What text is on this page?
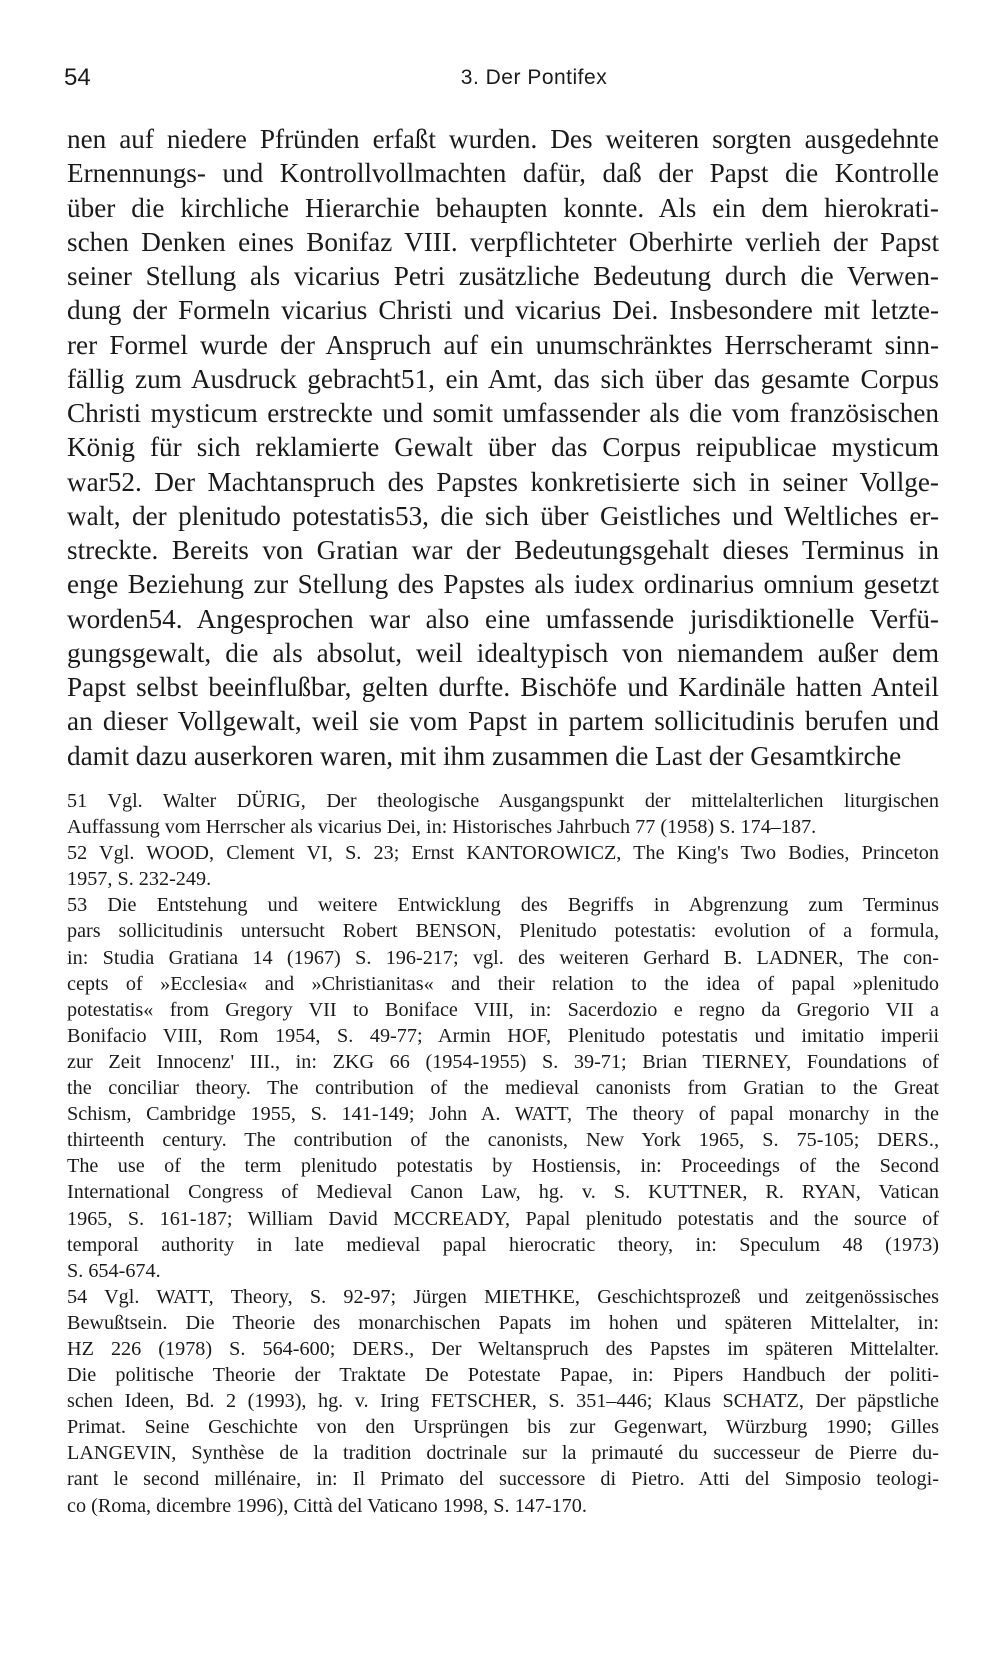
54	3. Der Pontifex
nen auf niedere Pfründen erfaßt wurden. Des weiteren sorgten ausgedehnte
Ernennungs- und Kontrollvollmachten dafür, daß der Papst die Kontrolle
über die kirchliche Hierarchie behaupten konnte. Als ein dem hierokrati-
schen Denken eines Bonifaz VIII. verpflichteter Oberhirte verlieh der Papst
seiner Stellung als vicarius Petri zusätzliche Bedeutung durch die Verwen-
dung der Formeln vicarius Christi und vicarius Dei. Insbesondere mit letzte-
rer Formel wurde der Anspruch auf ein unumschränktes Herrscheramt sinn-
fällig zum Ausdruck gebracht51, ein Amt, das sich über das gesamte Corpus
Christi mysticum erstreckte und somit umfassender als die vom französischen
König für sich reklamierte Gewalt über das Corpus reipublicae mysticum
war52. Der Machtanspruch des Papstes konkretisierte sich in seiner Vollge-
walt, der plenitudo potestatis53, die sich über Geistliches und Weltliches er-
streckte. Bereits von Gratian war der Bedeutungsgehalt dieses Terminus in
enge Beziehung zur Stellung des Papstes als iudex ordinarius omnium gesetzt
worden54. Angesprochen war also eine umfassende jurisdiktionelle Verfü-
gungsgewalt, die als absolut, weil idealtypisch von niemandem außer dem
Papst selbst beeinflußbar, gelten durfte. Bischöfe und Kardinäle hatten Anteil
an dieser Vollgewalt, weil sie vom Papst in partem sollicitudinis berufen und
damit dazu auserkoren waren, mit ihm zusammen die Last der Gesamtkirche
51 Vgl. Walter DÜRIG, Der theologische Ausgangspunkt der mittelalterlichen liturgischen
Auffassung vom Herrscher als vicarius Dei, in: Historisches Jahrbuch 77 (1958) S. 174–187.
52 Vgl. WOOD, Clement VI, S. 23; Ernst KANTOROWICZ, The King's Two Bodies, Princeton
1957, S. 232-249.
53 Die Entstehung und weitere Entwicklung des Begriffs in Abgrenzung zum Terminus
pars sollicitudinis untersucht Robert BENSON, Plenitudo potestatis: evolution of a formula,
in: Studia Gratiana 14 (1967) S. 196-217; vgl. des weiteren Gerhard B. LADNER, The con-
cepts of »Ecclesia« and »Christianitas« and their relation to the idea of papal »plenitudo
potestatis« from Gregory VII to Boniface VIII, in: Sacerdozio e regno da Gregorio VII a
Bonifacio VIII, Rom 1954, S. 49-77; Armin HOF, Plenitudo potestatis und imitatio imperii
zur Zeit Innocenz' III., in: ZKG 66 (1954-1955) S. 39-71; Brian TIERNEY, Foundations of
the conciliar theory. The contribution of the medieval canonists from Gratian to the Great
Schism, Cambridge 1955, S. 141-149; John A. WATT, The theory of papal monarchy in the
thirteenth century. The contribution of the canonists, New York 1965, S. 75-105; DERS.,
The use of the term plenitudo potestatis by Hostiensis, in: Proceedings of the Second
International Congress of Medieval Canon Law, hg. v. S. KUTTNER, R. RYAN, Vatican
1965, S. 161-187; William David MCCREADY, Papal plenitudo potestatis and the source of
temporal authority in late medieval papal hierocratic theory, in: Speculum 48 (1973)
S. 654-674.
54 Vgl. WATT, Theory, S. 92-97; Jürgen MIETHKE, Geschichtsprozeß und zeitgenössisches
Bewußtsein. Die Theorie des monarchischen Papats im hohen und späteren Mittelalter, in:
HZ 226 (1978) S. 564-600; DERS., Der Weltanspruch des Papstes im späteren Mittelalter.
Die politische Theorie der Traktate De Potestate Papae, in: Pipers Handbuch der politi-
schen Ideen, Bd. 2 (1993), hg. v. Iring FETSCHER, S. 351–446; Klaus SCHATZ, Der päpstliche
Primat. Seine Geschichte von den Ursprüngen bis zur Gegenwart, Würzburg 1990; Gilles
LANGEVIN, Synthèse de la tradition doctrinale sur la primauté du successeur de Pierre du-
rant le second millénaire, in: Il Primato del successore di Pietro. Atti del Simposio teologi-
co (Roma, dicembre 1996), Città del Vaticano 1998, S. 147-170.
